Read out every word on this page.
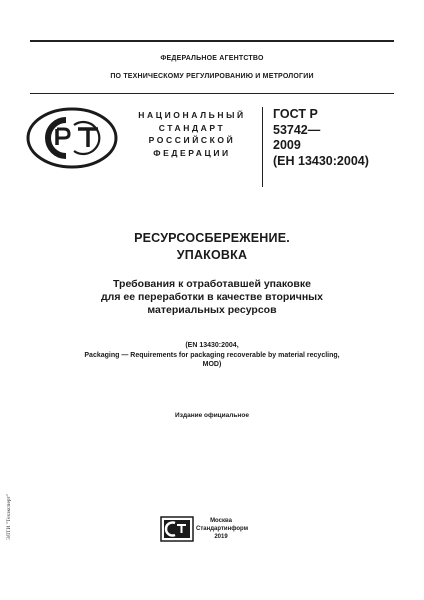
ФЕДЕРАЛЬНОЕ АГЕНТСТВО
ПО ТЕХНИЧЕСКОМУ РЕГУЛИРОВАНИЮ И МЕТРОЛОГИИ
НАЦИОНАЛЬНЫЙ
СТАНДАРТ
РОССИЙСКОЙ
ФЕДЕРАЦИИ
ГОСТ Р
53742—
2009
(ЕН 13430:2004)
РЕСУРСОСБЕРЕЖЕНИЕ.
УПАКОВКА
Требования к отработавшей упаковке
для ее переработки в качестве вторичных
материальных ресурсов
(EN 13430:2004,
Packaging — Requirements for packaging recoverable by material recycling,
MOD)
Издание официальное
Москва
Стандартинформ
2019
ЭЛТИ "Техэксперт"
